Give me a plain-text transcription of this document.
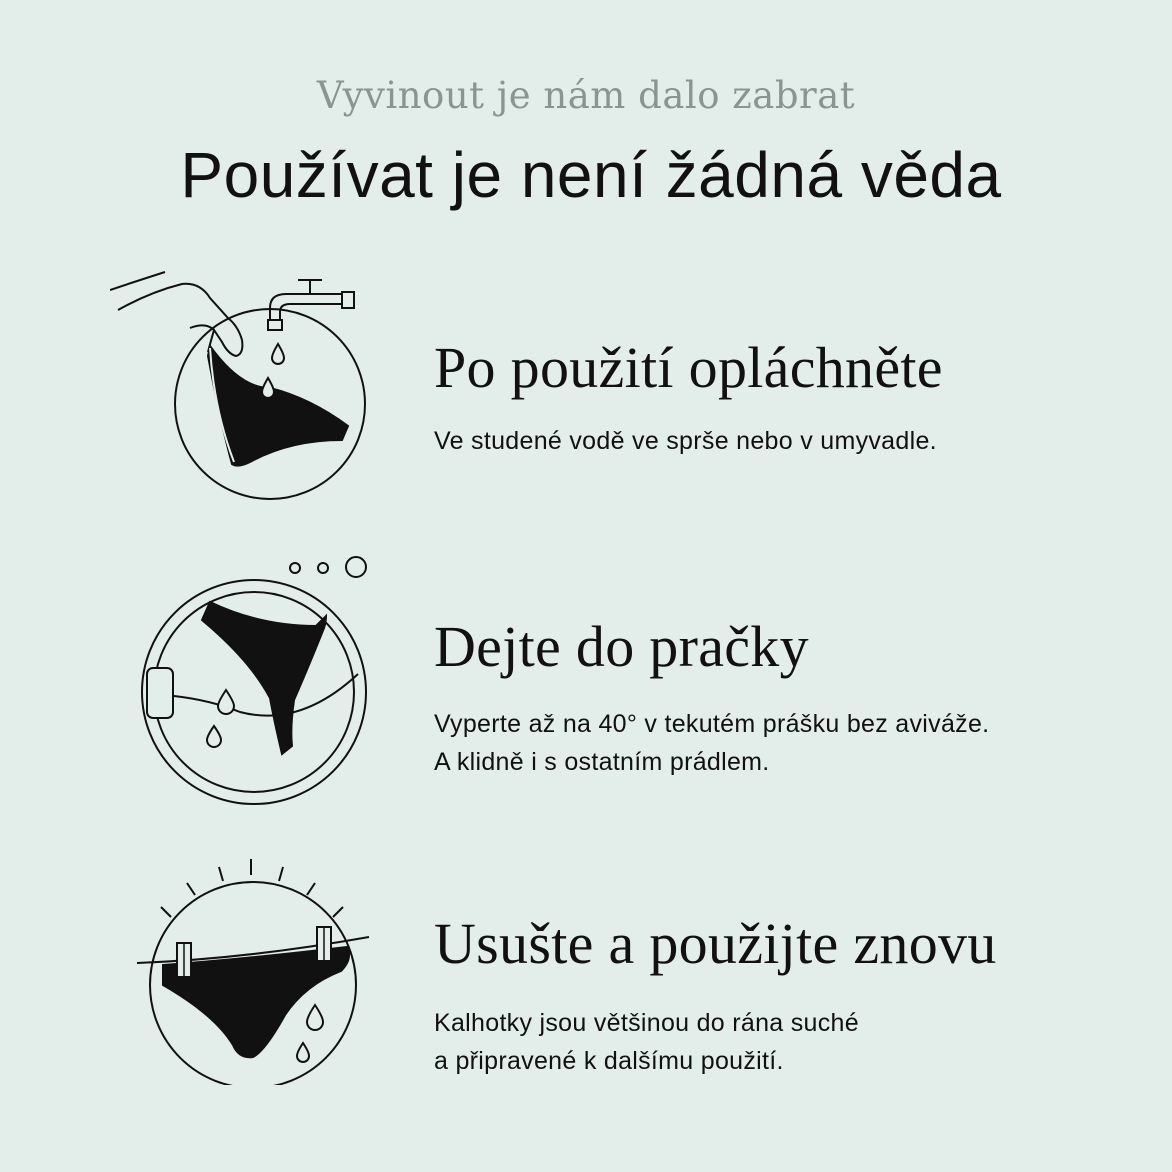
Vyvinout je nám dalo zabrat
Používat je není žádná věda
Po použití opláchněte
Ve studené vodě ve sprše nebo v umyvadle.
Dejte do pračky
Vyperte až na 40° v tekutém prášku bez aviváže.
A klidně i s ostatním prádlem.
Usušte a použijte znovu
Kalhotky jsou většinou do rána suché
a připravené k dalšímu použití.
